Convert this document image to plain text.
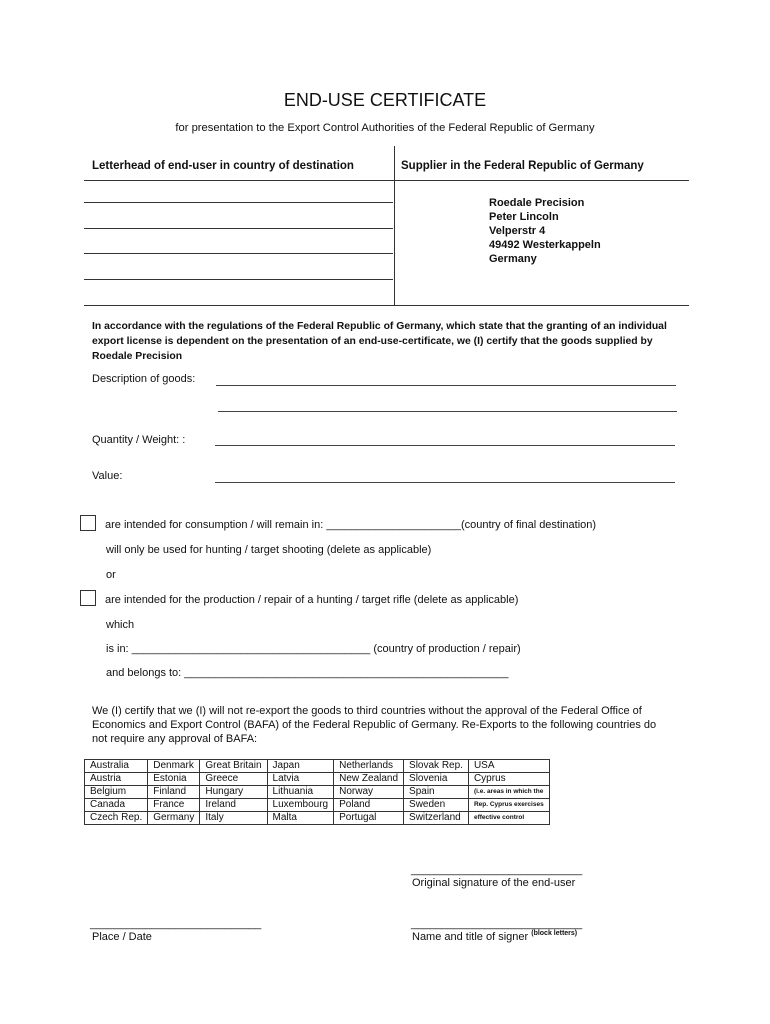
END-USE CERTIFICATE
for presentation to the Export Control Authorities of the Federal Republic of Germany
Letterhead of end-user in country of destination	Supplier in the Federal Republic of Germany
Roedale Precision
Peter Lincoln
Velperstr 4
49492 Westerkappeln
Germany
In accordance with the regulations of the Federal Republic of Germany, which state that the granting of an individual export license is dependent on the presentation of an end-use-certificate, we (I) certify that the goods supplied by Roedale Precision
Description of goods:
Quantity / Weight: :
Value:
are intended for consumption / will remain in: ______________________(country of final destination)
will only be used for hunting / target shooting (delete as applicable)
or
are intended for the production / repair of a hunting / target rifle (delete as applicable)
which
is in: _______________________________________ (country of production / repair)
and belongs to: _____________________________________________________
We (I) certify that we (I) will not re-export the goods to third countries without the approval of the Federal Office of Economics and Export Control (BAFA) of the Federal Republic of Germany. Re-Exports to the following countries do not require any approval of BAFA:
Australia	Denmark	Great Britain	Japan	Netherlands	Slovak Rep.	USA
Austria	Estonia	Greece	Latvia	New Zealand	Slovenia	Cyprus
Belgium	Finland	Hungary	Lithuania	Norway	Spain	(i.e. areas in which the
Canada	France	Ireland	Luxembourg	Poland	Sweden	Rep. Cyprus exercises
Czech Rep.	Germany	Italy	Malta	Portugal	Switzerland	effective control
____________________________
Original signature of the end-user
____________________________
Place / Date
____________________________
Name and title of signer $^{(block letters)}$
